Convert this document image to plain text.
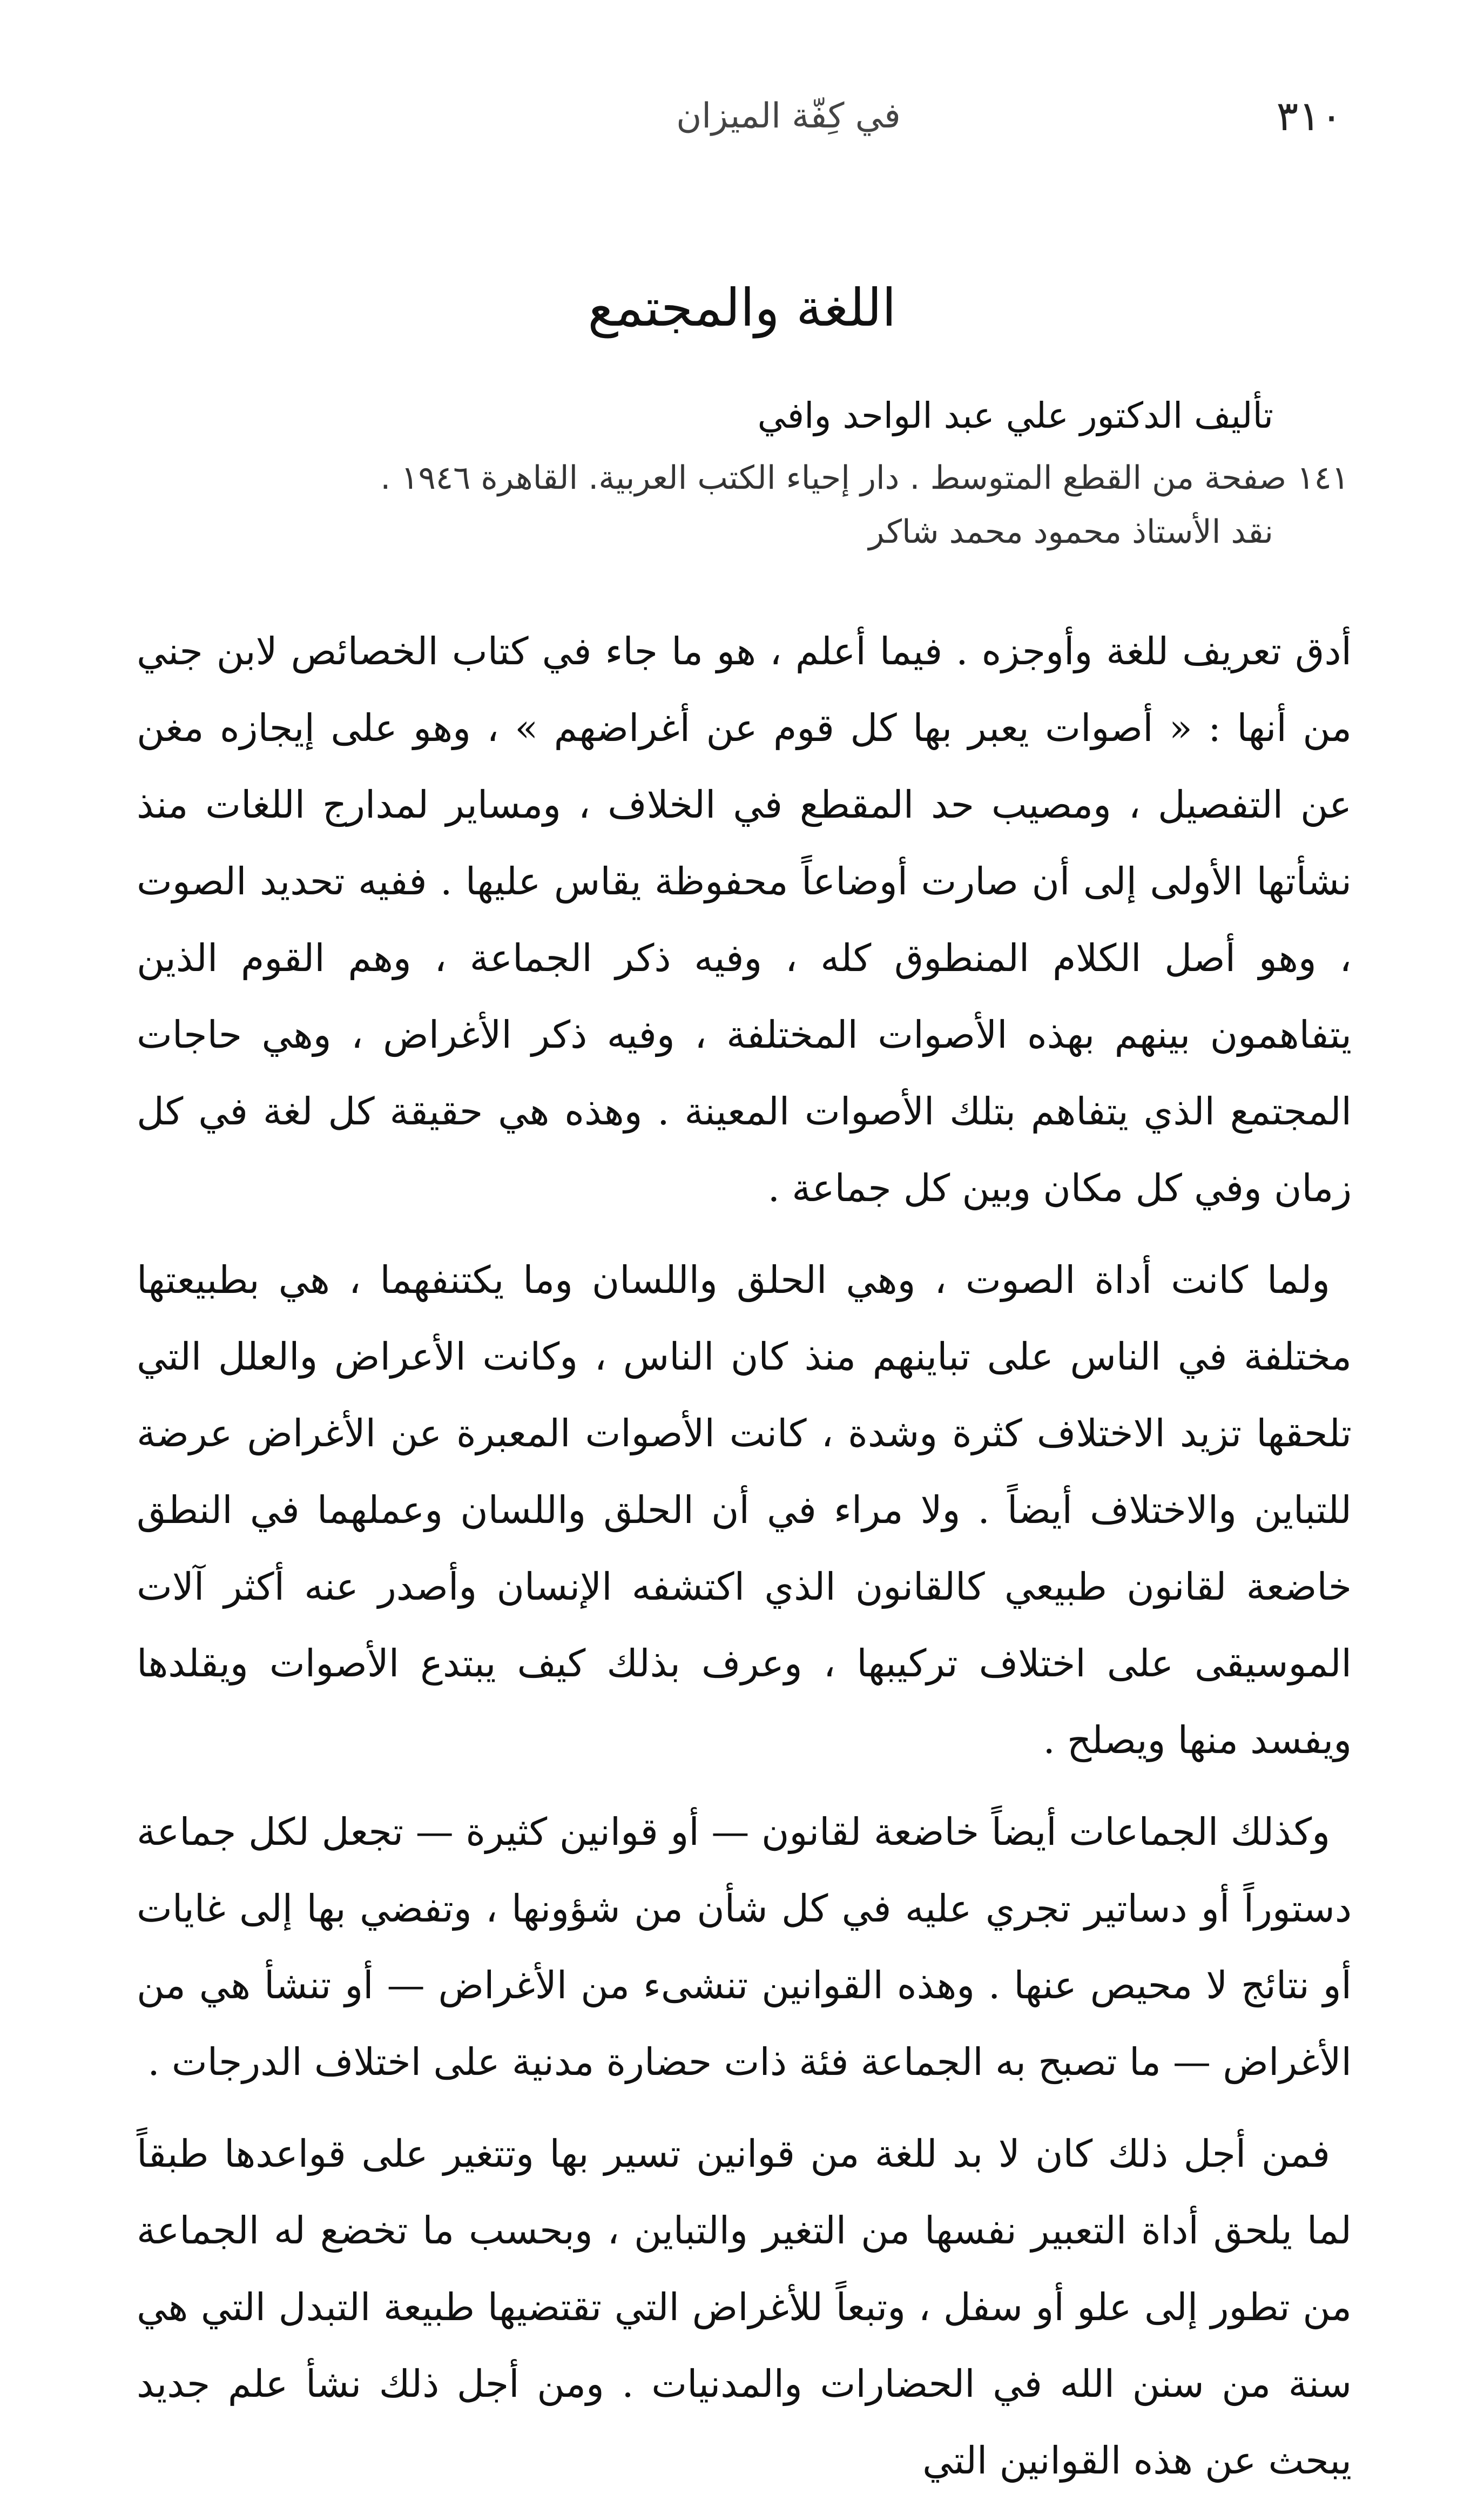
٣١٠
في كِفّة الميزان
اللغة والمجتمع

تأليف الدكتور علي عبد الواحد وافي

١٤١ صفحة من القطع المتوسط . دار إحياء الكتب العربية. القاهرة ١٩٤٦ .

نقد الأستاذ محمود محمد شاكر

أدق تعريف للغة وأوجزه . فيما أعلم ، هو ما جاء في كتاب الخصائص لابن جني من أنها : « أصوات يعبر بها كل قوم عن أغراضهم » ، وهو على إيجازه مغن عن التفصيل ، ومصيب حد المقطع في الخلاف ، ومساير لمدارج اللغات منذ نشأتها الأولى إلى أن صارت أوضاعاً محفوظة يقاس عليها . ففيه تحديد الصوت ، وهو أصل الكلام المنطوق كله ، وفيه ذكر الجماعة ، وهم القوم الذين يتفاهمون بينهم بهذه الأصوات المختلفة ، وفيه ذكر الأغراض ، وهي حاجات المجتمع الذي يتفاهم بتلك الأصوات المعينة . وهذه هي حقيقة كل لغة في كل زمان وفي كل مكان وبين كل جماعة .

ولما كانت أداة الصوت ، وهي الحلق واللسان وما يكتنفهما ، هي بطبيعتها مختلفة في الناس على تباينهم منذ كان الناس ، وكانت الأعراض والعلل التي تلحقها تزيد الاختلاف كثرة وشدة ، كانت الأصوات المعبرة عن الأغراض عرضة للتباين والاختلاف أيضاً . ولا مراء في أن الحلق واللسان وعملهما في النطق خاضعة لقانون طبيعي كالقانون الذي اكتشفه الإنسان وأصدر عنه أكثر آلات الموسيقى على اختلاف تركيبها ، وعرف بذلك كيف يبتدع الأصوات ويقلدها ويفسد منها ويصلح .

وكذلك الجماعات أيضاً خاضعة لقانون — أو قوانين كثيرة — تجعل لكل جماعة دستوراً أو دساتير تجري عليه في كل شأن من شؤونها ، وتفضي بها إلى غايات أو نتائج لا محيص عنها . وهذه القوانين تنشىء من الأغراض — أو تنشأ هي من الأغراض — ما تصبح به الجماعة فئة ذات حضارة مدنية على اختلاف الدرجات .

فمن أجل ذلك كان لا بد للغة من قوانين تسير بها وتتغير على قواعدها طبقاً لما يلحق أداة التعبير نفسها من التغير والتباين ، وبحسب ما تخضع له الجماعة من تطور إلى علو أو سفل ، وتبعاً للأغراض التي تقتضيها طبيعة التبدل التي هي سنة من سنن الله في الحضارات والمدنيات . ومن أجل ذلك نشأ علم جديد يبحث عن هذه القوانين التي
